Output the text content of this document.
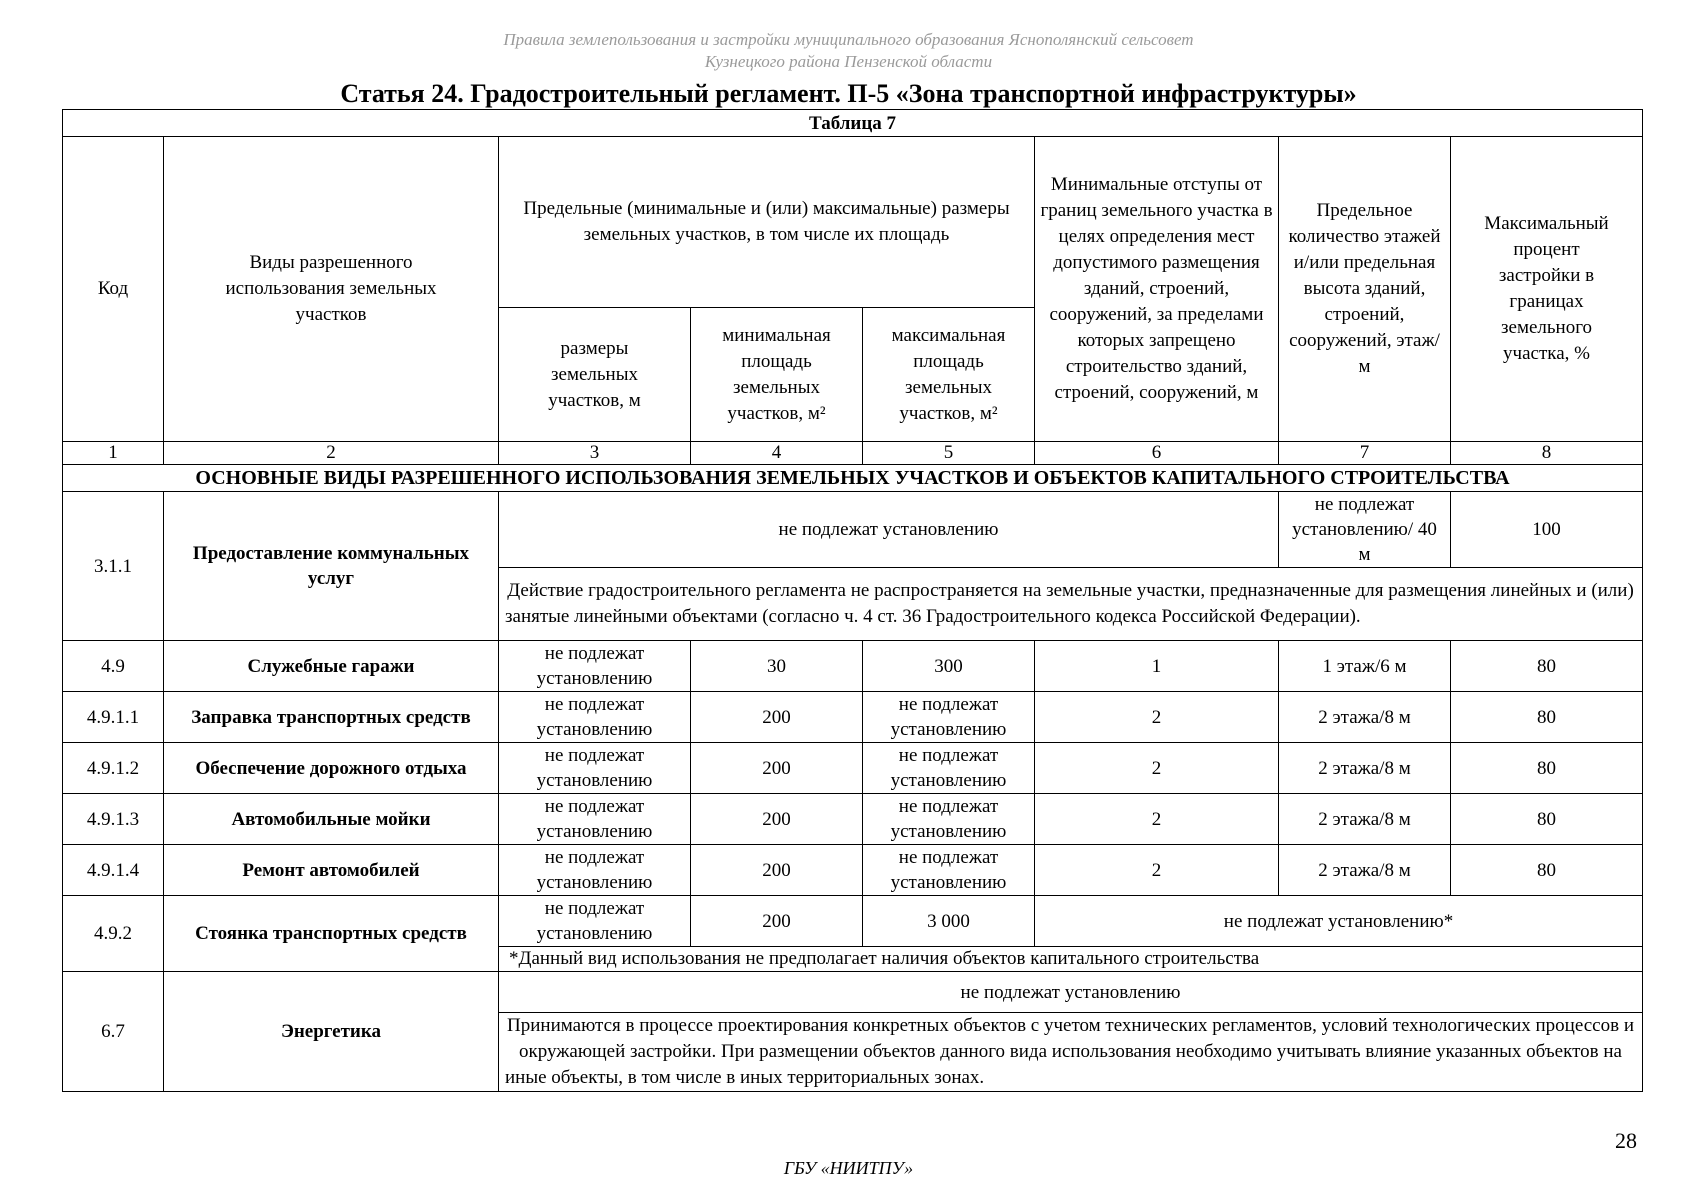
Правила землепользования и застройки муниципального образования Ясноп​олянский сельсовет
Кузнецкого района Пензенской области
Статья 24. Градостроительный регламент. П-5 «Зона транспортной инфраструктуры»
Таблица 7							
Код	Виды разрешенного использования земельных участков	Предельные (минимальные и (или) максимальные) размеры земельных участков, в том числе их площадь			Минимальные отступы от границ земельного участка в целях определения мест допустимого размещения зданий, строений, сооружений, за пределами которых запрещено строительство зданий, строений, сооружений, м	Предельное количество этажей и/или предельная высота зданий, строений, сооружений, этаж/м	Максимальный процент застройки в границах земельного участка, %
		размеры земельных участков, м	минимальная площадь земельных участков, м²	максимальная площадь земельных участков, м²			
1	2	3	4	5	6	7	8
ОСНОВНЫЕ ВИДЫ РАЗРЕШЕННОГО ИСПОЛЬЗОВАНИЯ ЗЕМЕЛЬНЫХ УЧАСТКОВ И ОБЪЕКТОВ КАПИТАЛЬНОГО СТРОИТЕЛЬСТВА							
3.1.1	Предоставление коммунальных услуг	не подлежат установлению				не подлежат установлению/ 40 м	100
		Действие градостроительного регламента не распространяется на земельные участки, предназначенные для размещения линейных и (или) занятые линейными объектами (согласно ч. 4 ст. 36 Градостроительного кодекса Российской Федерации).					
4.9	Служебные гаражи	не подлежат установлению	30	300	1	1 этаж/6 м	80
4.9.1.1	Заправка транспортных средств	не подлежат установлению	200	не подлежат установлению	2	2 этажа/8 м	80
4.9.1.2	Обеспечение дорожного отдыха	не подлежат установлению	200	не подлежат установлению	2	2 этажа/8 м	80
4.9.1.3	Автомобильные мойки	не подлежат установлению	200	не подлежат установлению	2	2 этажа/8 м	80
4.9.1.4	Ремонт автомобилей	не подлежат установлению	200	не подлежат установлению	2	2 этажа/8 м	80
4.9.2	Стоянка транспортных средств	не подлежат установлению	200	3 000	не подлежат установлению*		
		*Данный вид использования не предполагает наличия объектов капитального строительства					
6.7	Энергетика	не подлежат установлению					
		Принимаются в процессе проектирования конкретных объектов с учетом технических регламентов, условий технологических процессов и окружающей застройки. При размещении объектов данного вида использования необходимо учитывать влияние указанных объектов на иные объекты, в том числе в иных территориальных зонах.					
28
ГБУ «НИИТПУ»
